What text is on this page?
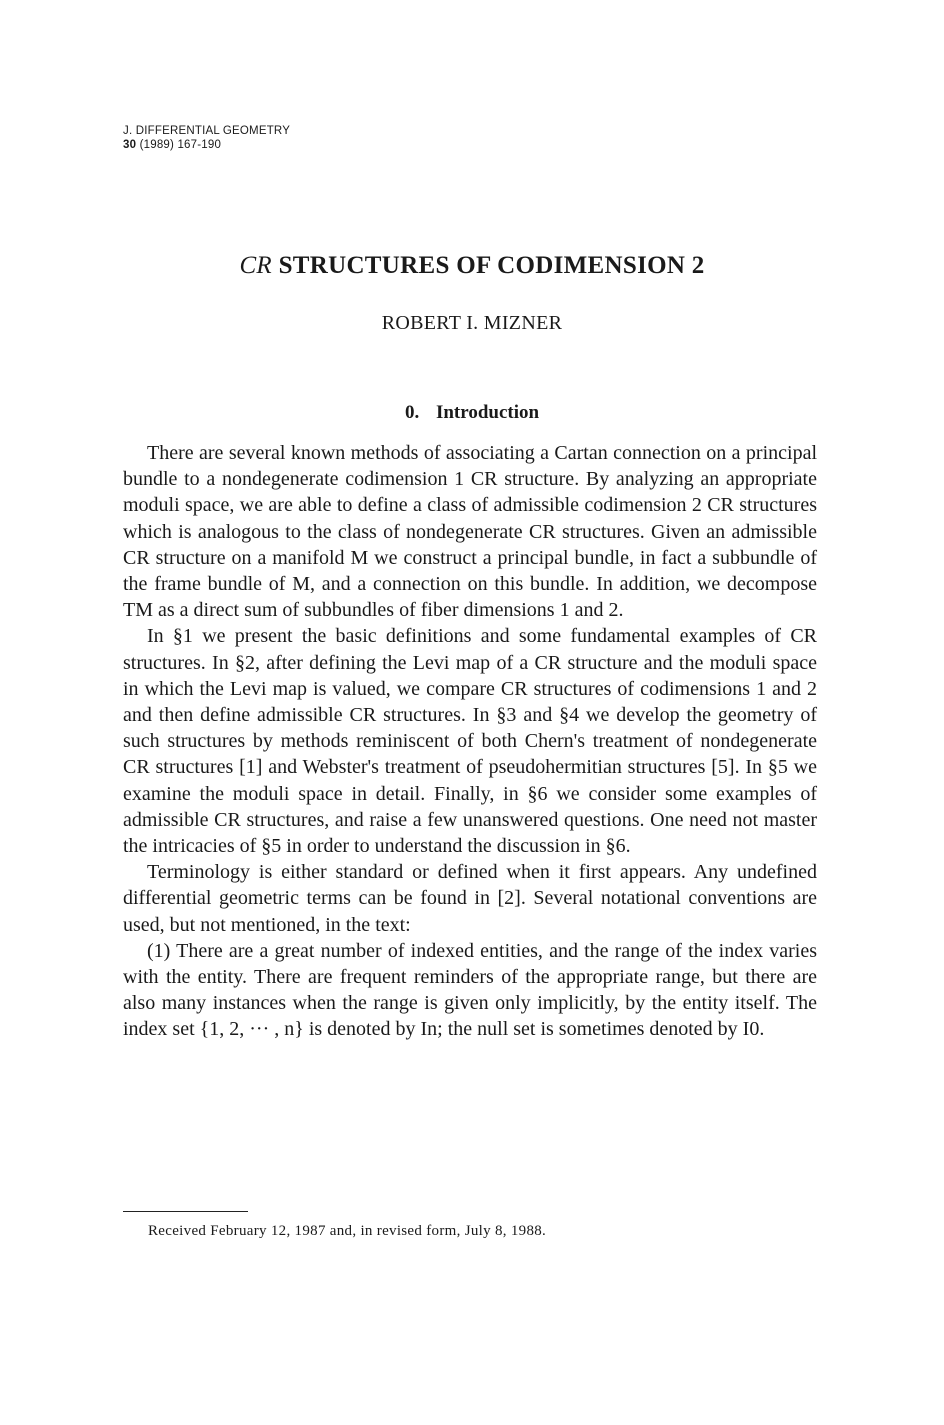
J. DIFFERENTIAL GEOMETRY
30 (1989) 167-190
CR STRUCTURES OF CODIMENSION 2
ROBERT I. MIZNER
0. Introduction

There are several known methods of associating a Cartan connection on a principal bundle to a nondegenerate codimension 1 CR structure. By analyzing an appropriate moduli space, we are able to define a class of admissible codimension 2 CR structures which is analogous to the class of nondegenerate CR structures. Given an admissible CR structure on a manifold M we construct a principal bundle, in fact a subbundle of the frame bundle of M, and a connection on this bundle. In addition, we decompose TM as a direct sum of subbundles of fiber dimensions 1 and 2.

In §1 we present the basic definitions and some fundamental examples of CR structures. In §2, after defining the Levi map of a CR structure and the moduli space in which the Levi map is valued, we compare CR structures of codimensions 1 and 2 and then define admissible CR structures. In §3 and §4 we develop the geometry of such structures by methods reminiscent of both Chern's treatment of nondegenerate CR structures [1] and Webster's treatment of pseudohermitian structures [5]. In §5 we examine the moduli space in detail. Finally, in §6 we consider some examples of admissible CR structures, and raise a few unanswered questions. One need not master the intricacies of §5 in order to understand the discussion in §6.

Terminology is either standard or defined when it first appears. Any undefined differential geometric terms can be found in [2]. Several notational conventions are used, but not mentioned, in the text:

(1) There are a great number of indexed entities, and the range of the index varies with the entity. There are frequent reminders of the appropriate range, but there are also many instances when the range is given only implicitly, by the entity itself. The index set {1, 2, ··· , n} is denoted by In; the null set is sometimes denoted by I0.

Received February 12, 1987 and, in revised form, July 8, 1988.
